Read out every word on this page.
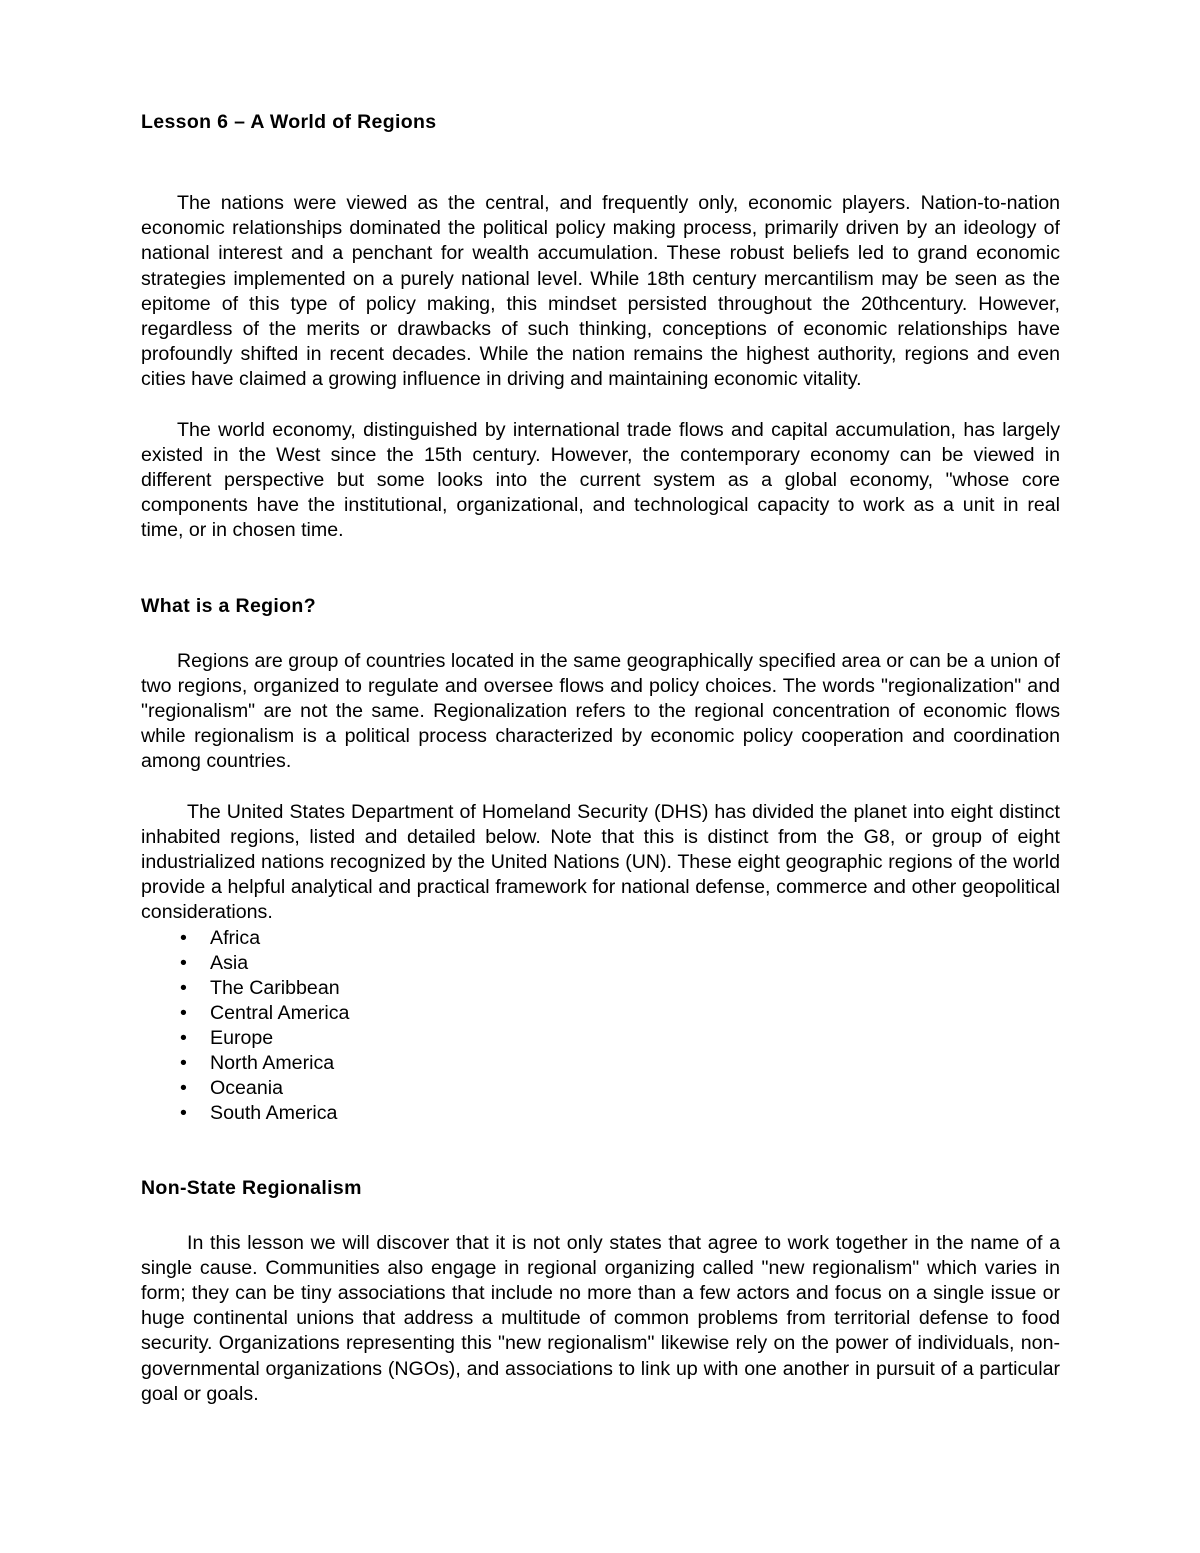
Lesson 6 – A World of Regions

The nations were viewed as the central, and frequently only, economic players. Nation-to-nation economic relationships dominated the political policy making process, primarily driven by an ideology of national interest and a penchant for wealth accumulation. These robust beliefs led to grand economic strategies implemented on a purely national level. While 18th century mercantilism may be seen as the epitome of this type of policy making, this mindset persisted throughout the 20thcentury. However, regardless of the merits or drawbacks of such thinking, conceptions of economic relationships have profoundly shifted in recent decades. While the nation remains the highest authority, regions and even cities have claimed a growing influence in driving and maintaining economic vitality.

The world economy, distinguished by international trade flows and capital accumulation, has largely existed in the West since the 15th century. However, the contemporary economy can be viewed in different perspective but some looks into the current system as a global economy, "whose core components have the institutional, organizational, and technological capacity to work as a unit in real time, or in chosen time.

What is a Region?

Regions are group of countries located in the same geographically specified area or can be a union of two regions, organized to regulate and oversee flows and policy choices. The words "regionalization" and "regionalism" are not the same. Regionalization refers to the regional concentration of economic flows while regionalism is a political process characterized by economic policy cooperation and coordination among countries.

The United States Department of Homeland Security (DHS) has divided the planet into eight distinct inhabited regions, listed and detailed below. Note that this is distinct from the G8, or group of eight industrialized nations recognized by the United Nations (UN). These eight geographic regions of the world provide a helpful analytical and practical framework for national defense, commerce and other geopolitical considerations.

• Africa
• Asia
• The Caribbean
• Central America
• Europe
• North America
• Oceania
• South America
Non-State Regionalism

In this lesson we will discover that it is not only states that agree to work together in the name of a single cause. Communities also engage in regional organizing called "new regionalism" which varies in form; they can be tiny associations that include no more than a few actors and focus on a single issue or huge continental unions that address a multitude of common problems from territorial defense to food security. Organizations representing this "new regionalism" likewise rely on the power of individuals, non-governmental organizations (NGOs), and associations to link up with one another in pursuit of a particular goal or goals.
